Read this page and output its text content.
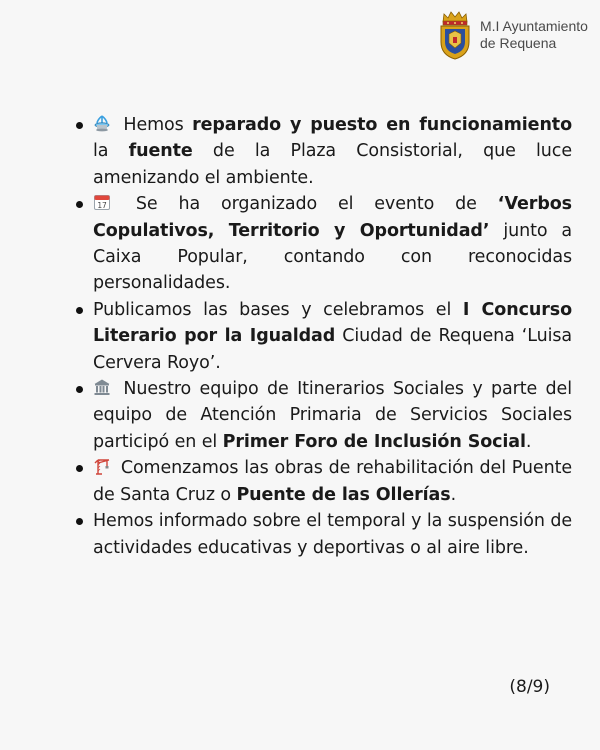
M.I Ayuntamiento
de Requena
Hemos reparado y puesto en funcionamiento la fuente de la Plaza Consistorial, que luce amenizando el ambiente.
17 Se ha organizado el evento de ‘Verbos Copulativos, Territorio y Oportunidad’ junto a Caixa Popular, contando con reconocidas personalidades.
Publicamos las bases y celebramos el I Concurso Literario por la Igualdad Ciudad de Requena ‘Luisa Cervera Royo’.
Nuestro equipo de Itinerarios Sociales y parte del equipo de Atención Primaria de Servicios Sociales participó en el Primer Foro de Inclusión Social.
Comenzamos las obras de rehabilitación del Puente de Santa Cruz o Puente de las Ollerías.
Hemos informado sobre el temporal y la suspensión de actividades educativas y deportivas o al aire libre.
(8/9)
